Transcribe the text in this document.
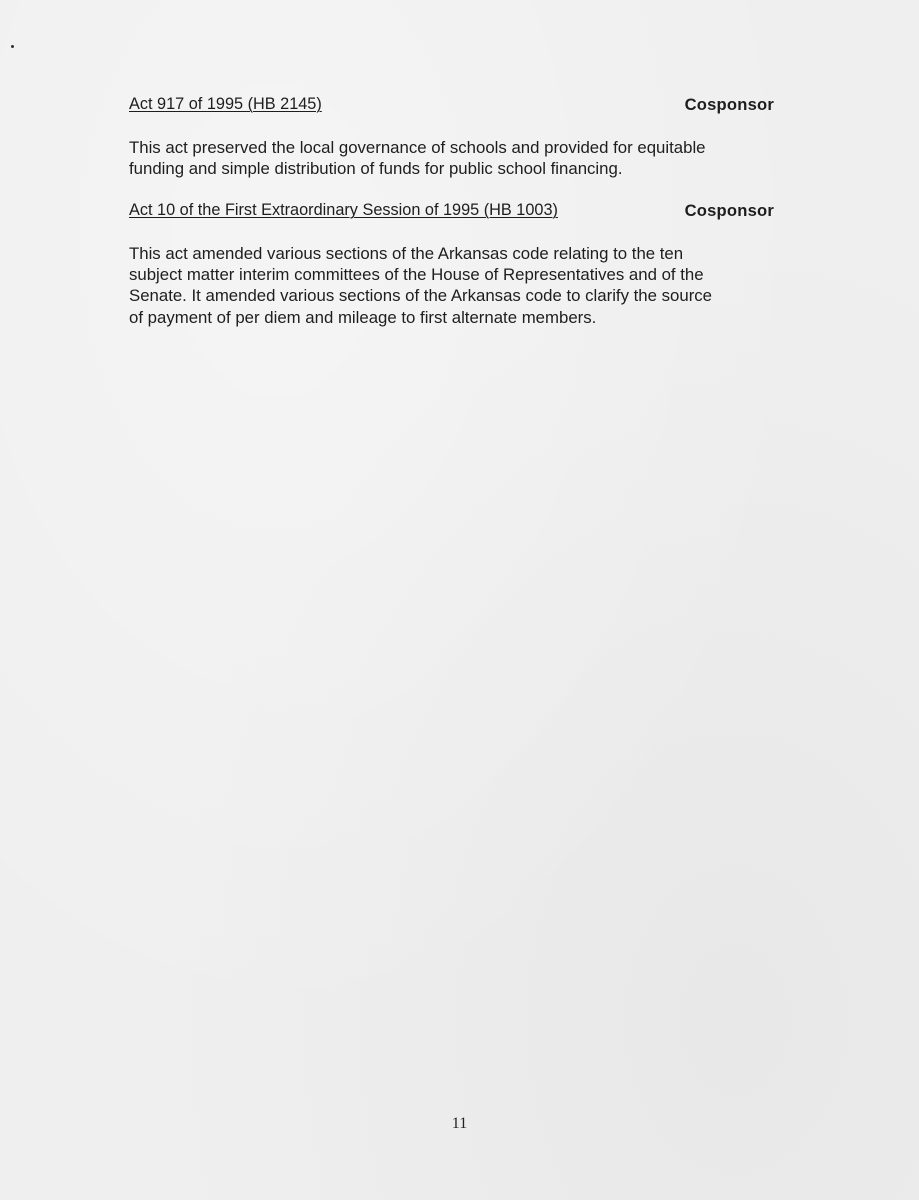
Act 917 of 1995 (HB 2145)	Cosponsor

This act preserved the local governance of schools and provided for equitable
funding and simple distribution of funds for public school financing.

Act 10 of the First Extraordinary Session of 1995 (HB 1003)	Cosponsor

This act amended various sections of the Arkansas code relating to the ten
subject matter interim committees of the House of Representatives and of the
Senate. It amended various sections of the Arkansas code to clarify the source
of payment of per diem and mileage to first alternate members.

11
